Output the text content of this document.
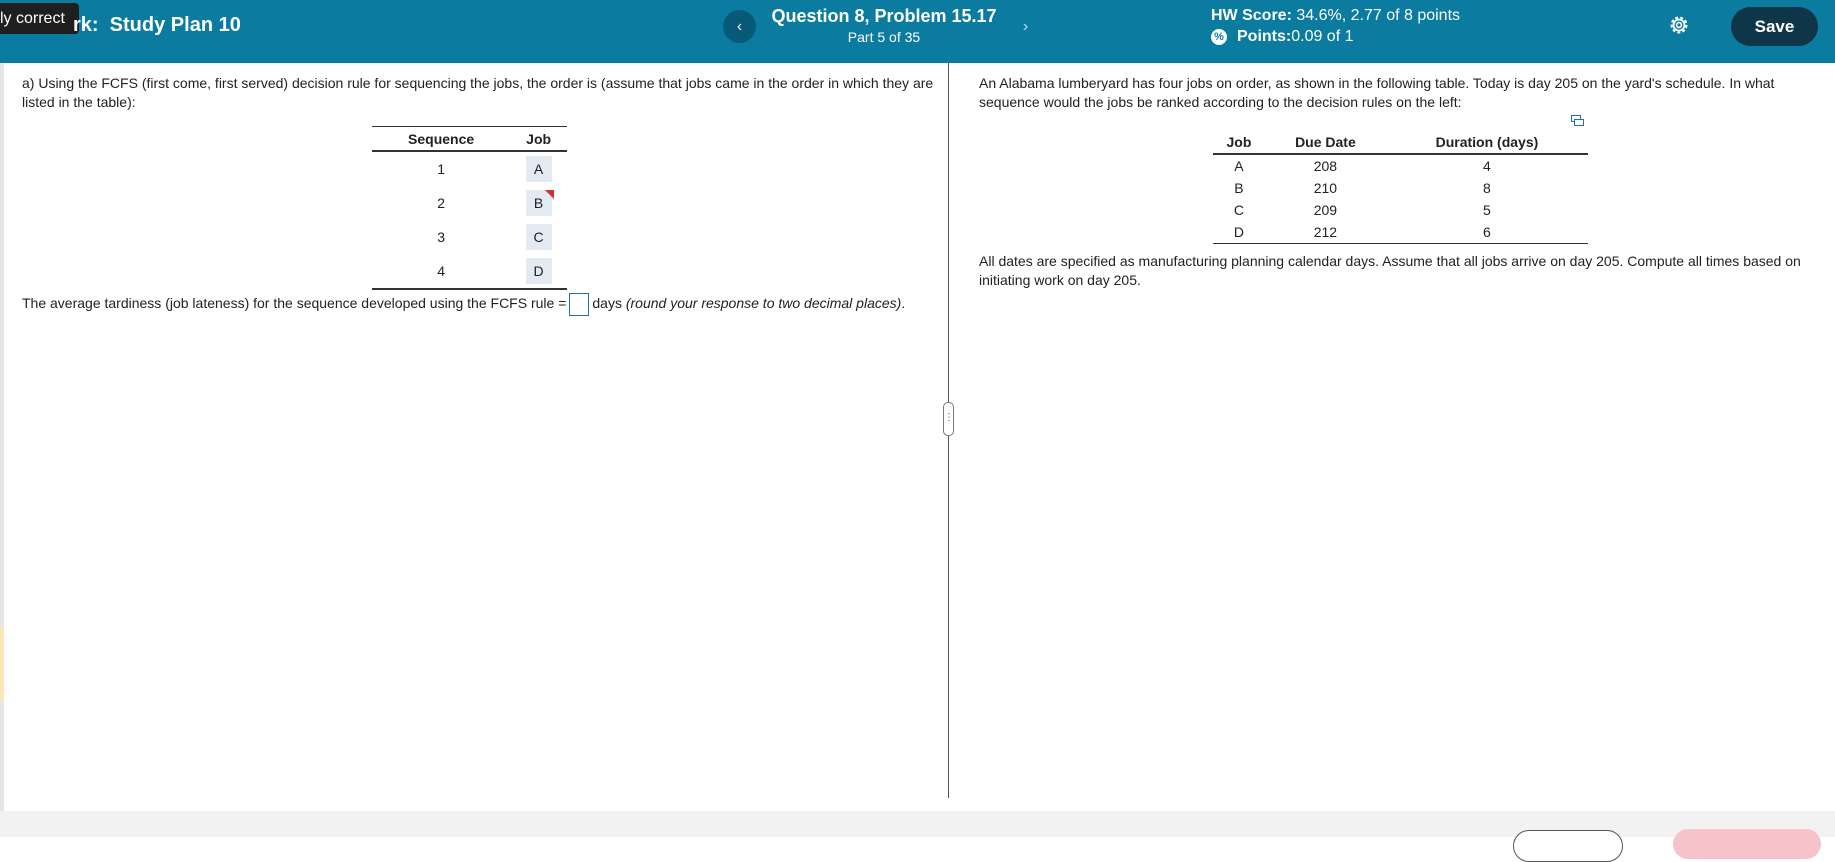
ly correct rk:  Study Plan 10	‹
Question 8, Problem 15.17
Part 5 of 35
›
HW Score: 34.6%, 2.77 of 8 points
% Points: 0.09 of 1
Save
a) Using the FCFS (first come, first served) decision rule for sequencing the jobs, the order is (assume that jobs came in the order in which they are listed in the table):
Sequence	Job
1	A
2	B

3	C
4	D
The average tardiness (job lateness) for the sequence developed using the FCFS rule = days (round your response to two decimal places).
⋮
An Alabama lumberyard has four jobs on order, as shown in the following table. Today is day 205 on the yard's schedule. In what sequence would the jobs be ranked according to the decision rules on the left:
Job	Due Date	Duration (days)
A	208	4
B	210	8
C	209	5
D	212	6
All dates are specified as manufacturing planning calendar days. Assume that all jobs arrive on day 205. Compute all times based on initiating work on day 205.
